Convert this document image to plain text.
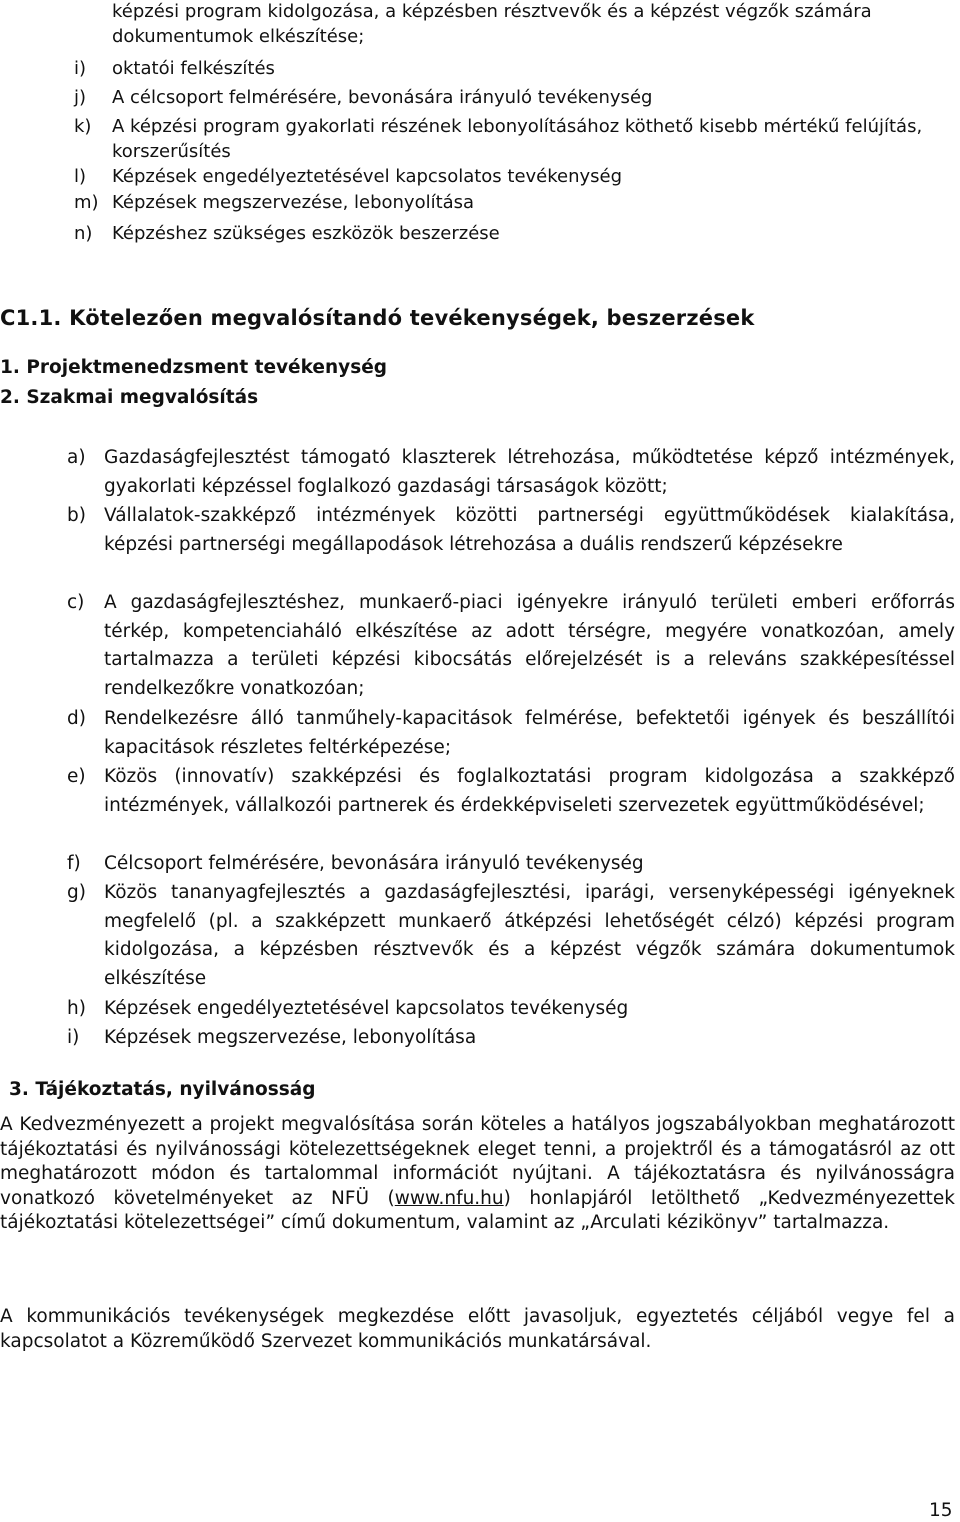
képzési program kidolgozása, a képzésben résztvevők és a képzést végzők számára dokumentumok elkészítése;
i) oktatói felkészítés
j) A célcsoport felmérésére, bevonására irányuló tevékenység
k) A képzési program gyakorlati részének lebonyolításához köthető kisebb mértékű felújítás, korszerűsítés
l) Képzések engedélyeztetésével kapcsolatos tevékenység
m) Képzések megszervezése, lebonyolítása
n) Képzéshez szükséges eszközök beszerzése
C1.1. Kötelezően megvalósítandó tevékenységek, beszerzések
1. Projektmenedzsment tevékenység
2. Szakmai megvalósítás
a) Gazdaságfejlesztést támogató klaszterek létrehozása, működtetése képző intézmények, gyakorlati képzéssel foglalkozó gazdasági társaságok között;
b) Vállalatok-szakképző intézmények közötti partnerségi együttműködések kialakítása, képzési partnerségi megállapodások létrehozása a duális rendszerű képzésekre
c) A gazdaságfejlesztéshez, munkaerő-piaci igényekre irányuló területi emberi erőforrás térkép, kompetenciaháló elkészítése az adott térségre, megyére vonatkozóan, amely tartalmazza a területi képzési kibocsátás előrejelzését is a releváns szakképesítéssel rendelkezőkre vonatkozóan;
d) Rendelkezésre álló tanműhely-kapacitások felmérése, befektetői igények és beszállítói kapacitások részletes feltérképezése;
e) Közös (innovatív) szakképzési és foglalkoztatási program kidolgozása a szakképző intézmények, vállalkozói partnerek és érdekképviseleti szervezetek együttműködésével;
f) Célcsoport felmérésére, bevonására irányuló tevékenység
g) Közös tananyagfejlesztés a gazdaságfejlesztési, iparági, versenyképességi igényeknek megfelelő (pl. a szakképzett munkaerő átképzési lehetőségét célzó) képzési program kidolgozása, a képzésben résztvevők és a képzést végzők számára dokumentumok elkészítése
h) Képzések engedélyeztetésével kapcsolatos tevékenység
i) Képzések megszervezése, lebonyolítása
3. Tájékoztatás, nyilvánosság
A Kedvezményezett a projekt megvalósítása során köteles a hatályos jogszabályokban meghatározott tájékoztatási és nyilvánossági kötelezettségeknek eleget tenni, a projektről és a támogatásról az ott meghatározott módon és tartalommal információt nyújtani. A tájékoztatásra és nyilvánosságra vonatkozó követelményeket az NFÜ (www.nfu.hu) honlapjáról letölthető „Kedvezményezettek tájékoztatási kötelezettségei” című dokumentum, valamint az „Arculati kézikönyv” tartalmazza.
A kommunikációs tevékenységek megkezdése előtt javasoljuk, egyeztetés céljából vegye fel a kapcsolatot a Közreműködő Szervezet kommunikációs munkatársával.
15
